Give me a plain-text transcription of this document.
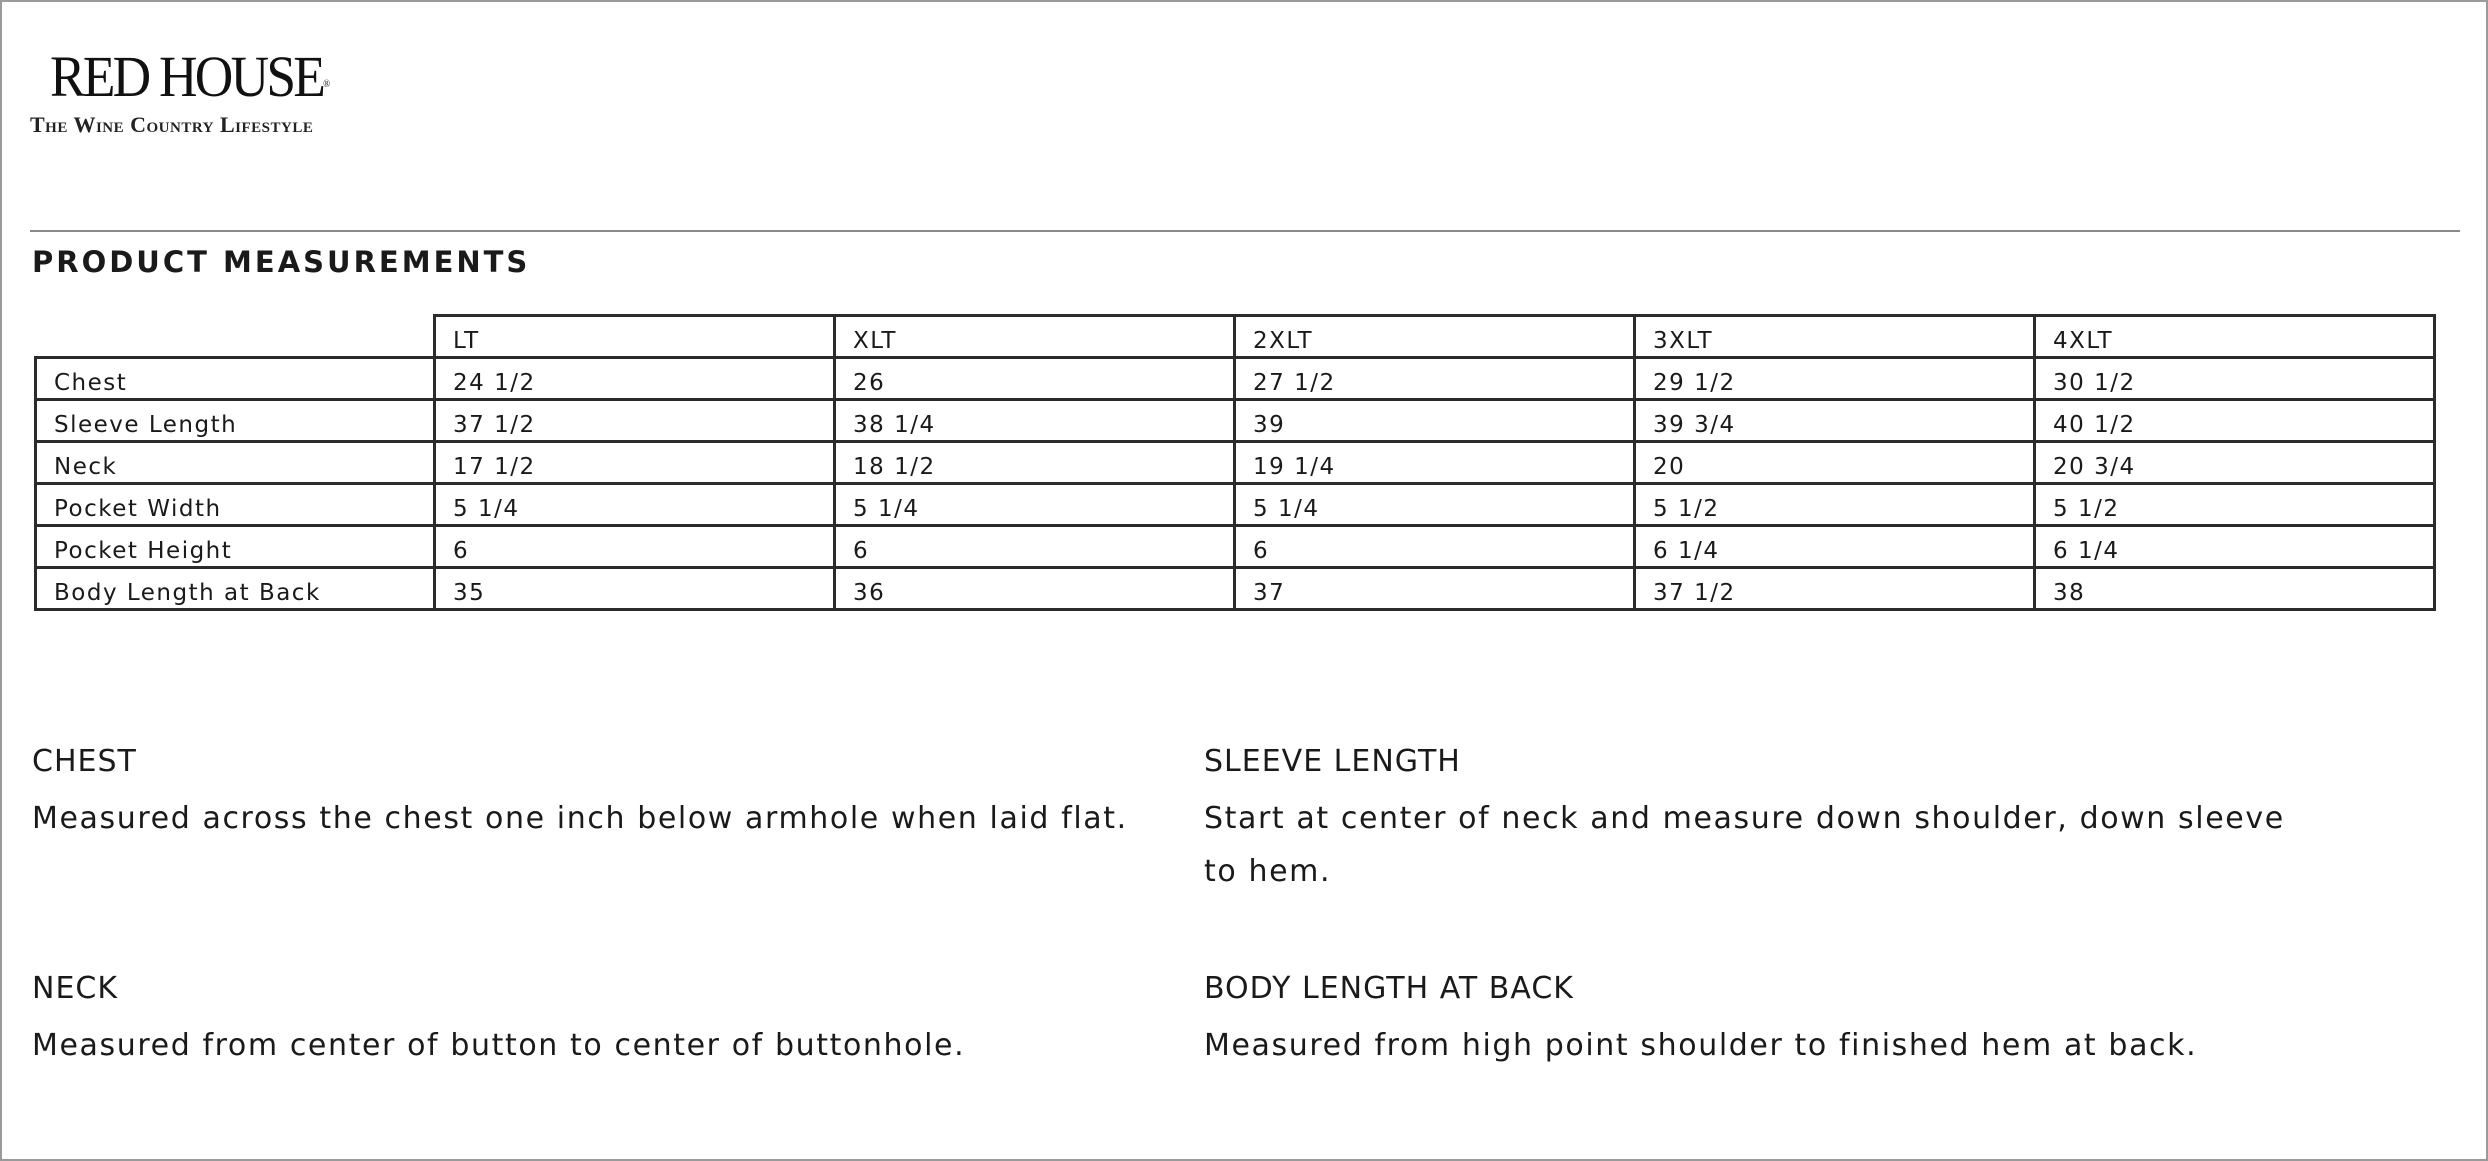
RED HOUSE®
The Wine Country Lifestyle
PRODUCT MEASUREMENTS
	LT	XLT	2XLT	3XLT	4XLT
Chest	24 1/2	26	27 1/2	29 1/2	30 1/2
Sleeve Length	37 1/2	38 1/4	39	39 3/4	40 1/2
Neck	17 1/2	18 1/2	19 1/4	20	20 3/4
Pocket Width	5 1/4	5 1/4	5 1/4	5 1/2	5 1/2
Pocket Height	6	6	6	6 1/4	6 1/4
Body Length at Back	35	36	37	37 1/2	38
CHEST
Measured across the chest one inch below armhole when laid flat.
SLEEVE LENGTH
Start at center of neck and measure down shoulder, down sleeve to hem.
NECK
Measured from center of button to center of buttonhole.
BODY LENGTH AT BACK
Measured from high point shoulder to finished hem at back.
